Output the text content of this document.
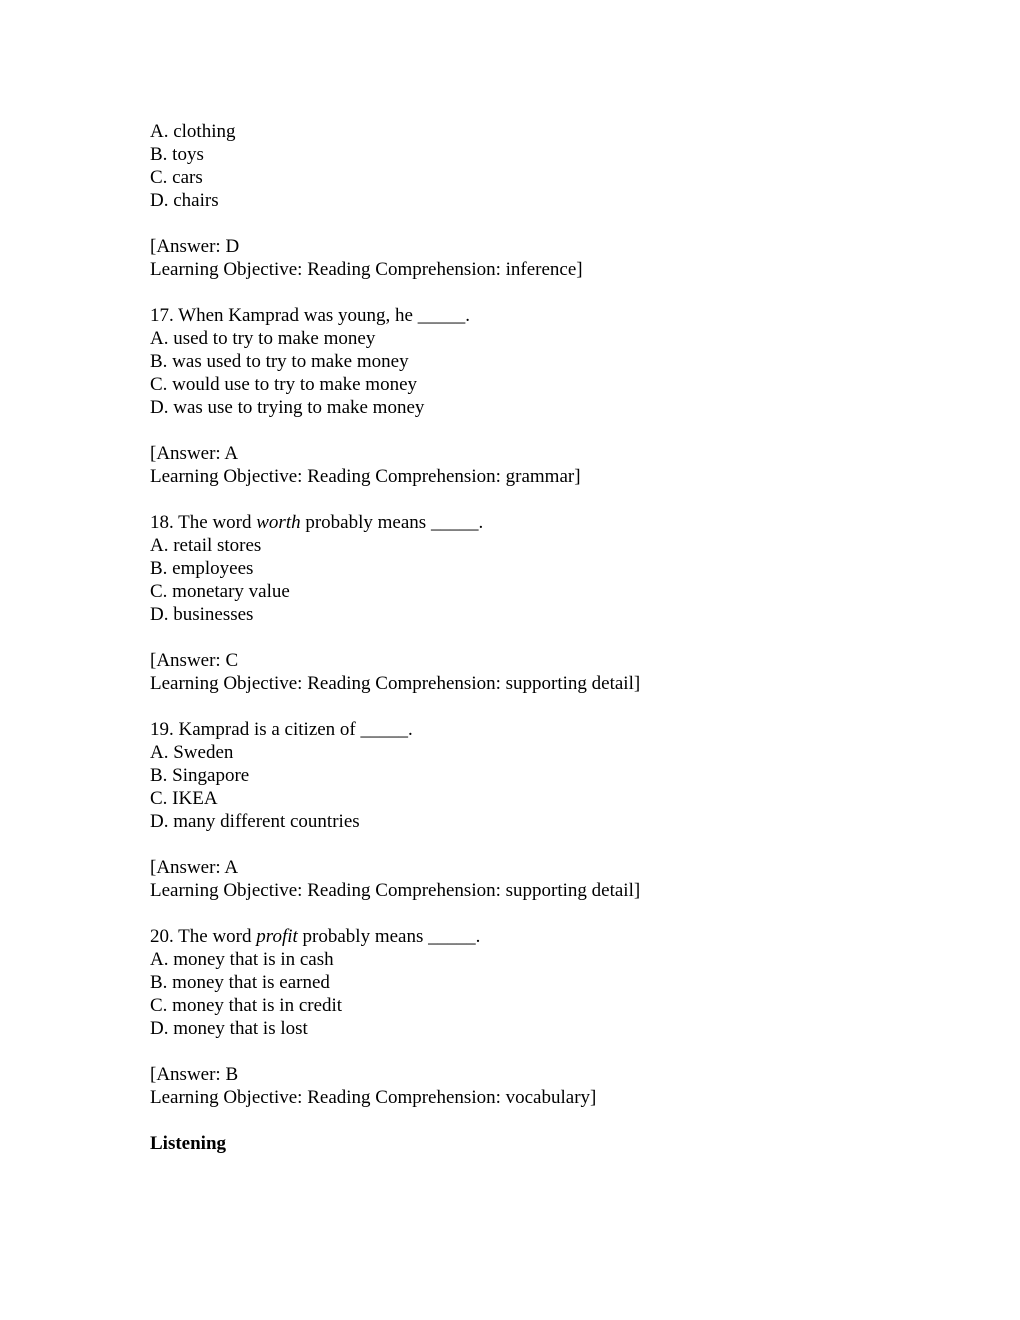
A. clothing
B. toys
C. cars
D. chairs
[Answer: D
Learning Objective: Reading Comprehension: inference]
17. When Kamprad was young, he _____.
A. used to try to make money
B. was used to try to make money
C. would use to try to make money
D. was use to trying to make money
[Answer: A
Learning Objective: Reading Comprehension: grammar]
18. The word worth probably means _____.
A. retail stores
B. employees
C. monetary value
D. businesses
[Answer: C
Learning Objective: Reading Comprehension: supporting detail]
19. Kamprad is a citizen of _____.
A. Sweden
B. Singapore
C. IKEA
D. many different countries
[Answer: A
Learning Objective: Reading Comprehension: supporting detail]
20. The word profit probably means _____.
A. money that is in cash
B. money that is earned
C. money that is in credit
D. money that is lost
[Answer: B
Learning Objective: Reading Comprehension: vocabulary]
Listening
